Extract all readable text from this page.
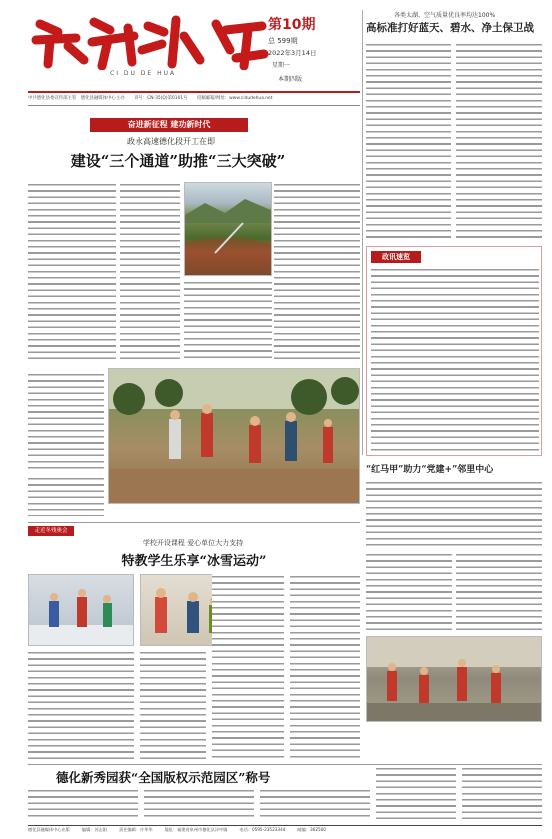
CI DU DE HUA
第10期
总 599期
2022年3月14日
星期一
本期四版
中共德化县委宣传部主管　德化县融媒体中心主办 刊号：CN-35(Q)第0101号 投稿邮箱/网址：www.cidudehua.net
各类太湖、空气质量优良率均达100%
高标准打好蓝天、碧水、净土保卫战
奋进新征程 建功新时代
政永高速德化段开工在即
建设“三个通道”助推“三大突破”
政讯速览
“红马甲”助力“党建+”邻里中心
走近冬残奥会
学校开设课程 爱心单位大力支持
特教学生乐享“冰雪运动”
德化新秀园获“全国版权示范园区”称号
德化县融媒体中心出版	编辑：苏志阳	责任编辑：许华华	地址：福建省泉州市德化县浔中镇	电话：0595-23523344	邮编：362500
